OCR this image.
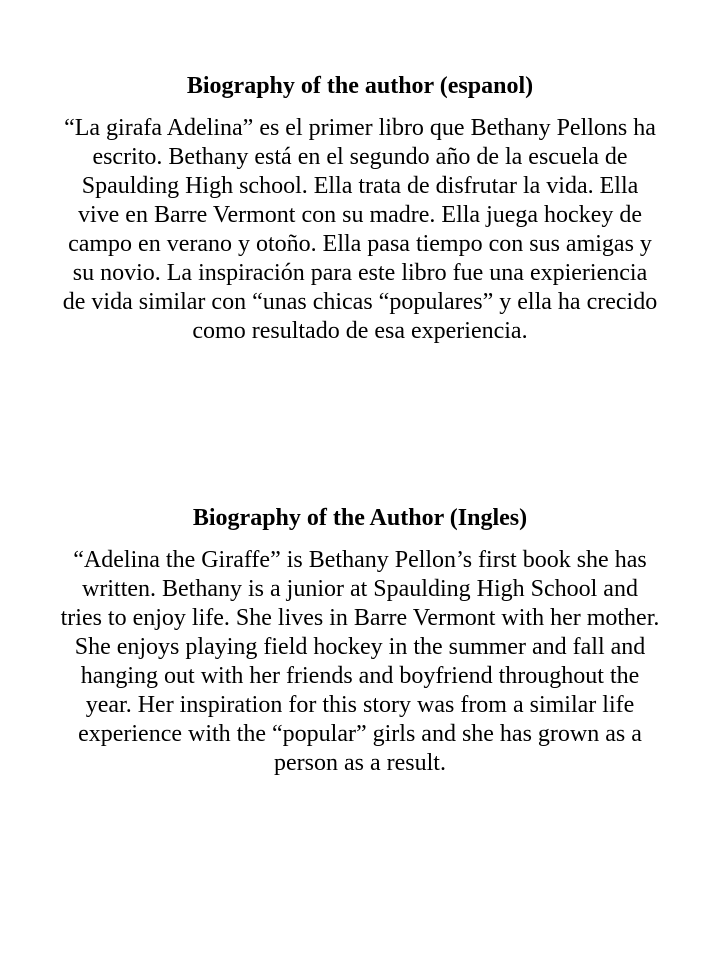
Biography of the author (espanol)

“La girafa Adelina” es el primer libro que Bethany Pellons ha escrito. Bethany está en el segundo año de la escuela de Spaulding High school. Ella trata de disfrutar la vida. Ella vive en Barre Vermont con su madre. Ella juega hockey de campo en verano y otoño. Ella pasa tiempo con sus amigas y su novio. La inspiración para este libro fue una expieriencia de vida similar con “unas chicas “populares” y ella ha crecido como resultado de esa experiencia.

Biography of the Author (Ingles)

“Adelina the Giraffe” is Bethany Pellon’s first book she has written. Bethany is a junior at Spaulding High School and tries to enjoy life. She lives in Barre Vermont with her mother. She enjoys playing field hockey in the summer and fall and hanging out with her friends and boyfriend throughout the year. Her inspiration for this story was from a similar life experience with the “popular” girls and she has grown as a person as a result.
